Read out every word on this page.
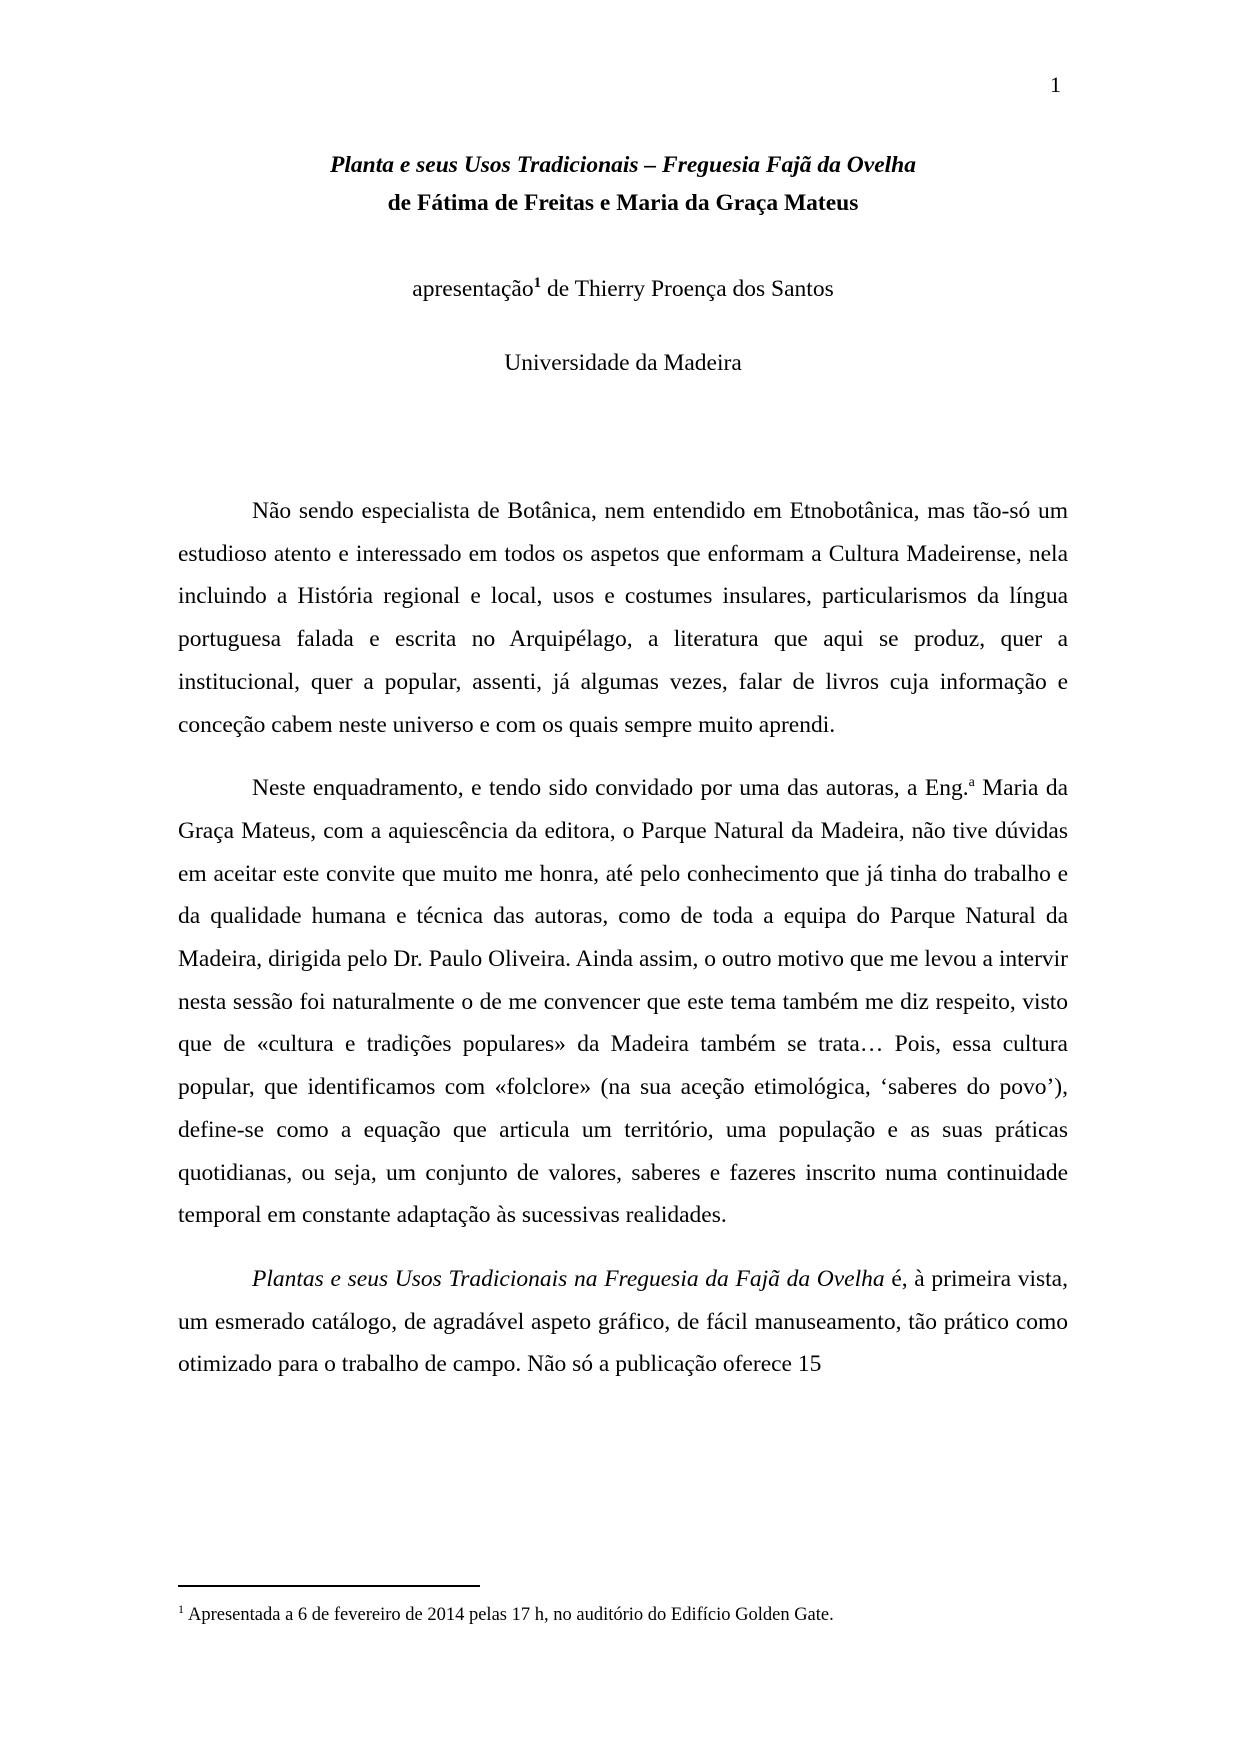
1
Planta e seus Usos Tradicionais – Freguesia Fajã da Ovelha
de Fátima de Freitas e Maria da Graça Mateus
apresentação$^1$ de Thierry Proença dos Santos
Universidade da Madeira

Não sendo especialista de Botânica, nem entendido em Etnobotânica, mas tão-só um estudioso atento e interessado em todos os aspetos que enformam a Cultura Madeirense, nela incluindo a História regional e local, usos e costumes insulares, particularismos da língua portuguesa falada e escrita no Arquipélago, a literatura que aqui se produz, quer a institucional, quer a popular, assenti, já algumas vezes, falar de livros cuja informação e conceção cabem neste universo e com os quais sempre muito aprendi.

Neste enquadramento, e tendo sido convidado por uma das autoras, a Eng.$^a$ Maria da Graça Mateus, com a aquiescência da editora, o Parque Natural da Madeira, não tive dúvidas em aceitar este convite que muito me honra, até pelo conhecimento que já tinha do trabalho e da qualidade humana e técnica das autoras, como de toda a equipa do Parque Natural da Madeira, dirigida pelo Dr. Paulo Oliveira. Ainda assim, o outro motivo que me levou a intervir nesta sessão foi naturalmente o de me convencer que este tema também me diz respeito, visto que de «cultura e tradições populares» da Madeira também se trata… Pois, essa cultura popular, que identificamos com «folclore» (na sua aceção etimológica, ‘saberes do povo’), define-se como a equação que articula um território, uma população e as suas práticas quotidianas, ou seja, um conjunto de valores, saberes e fazeres inscrito numa continuidade temporal em constante adaptação às sucessivas realidades.

Plantas e seus Usos Tradicionais na Freguesia da Fajã da Ovelha é, à primeira vista, um esmerado catálogo, de agradável aspeto gráfico, de fácil manuseamento, tão prático como otimizado para o trabalho de campo. Não só a publicação oferece 15

$^1$ Apresentada a 6 de fevereiro de 2014 pelas 17 h, no auditório do Edifício Golden Gate.
